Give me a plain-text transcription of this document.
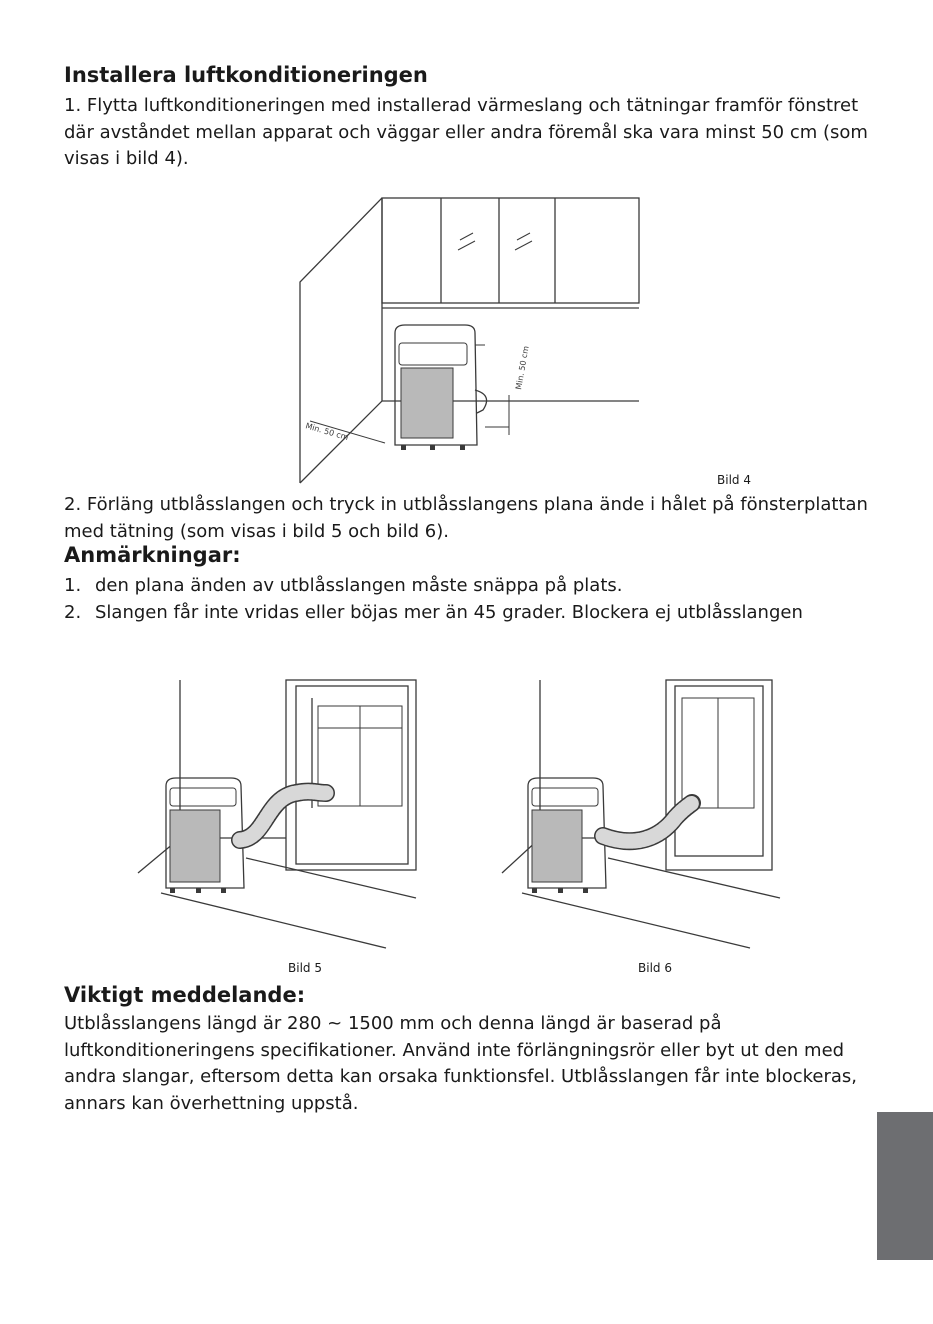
Installera luftkonditioneringen

1. Flytta luftkonditioneringen med installerad värmeslang och tätningar framför fönstret där avståndet mellan apparat och väggar eller andra föremål ska vara minst 50 cm (som visas i bild 4).

Min. 50 cm
Min. 50 cm
Bild 4

2. Förläng utblåsslangen och tryck in utblåsslangens plana ände i hålet på fönsterplattan med tätning (som visas i bild 5 och bild 6).

Anmärkningar:
1. den plana änden av utblåsslangen måste snäppa på plats.
2. Slangen får inte vridas eller böjas mer än 45 grader. Blockera ej utblåsslangen
Bild 5	Bild 6
Viktigt meddelande:

Utblåsslangens längd är 280 ~ 1500 mm och denna längd är baserad på luftkonditioneringens specifikationer. Använd inte förlängningsrör eller byt ut den med andra slangar, eftersom detta kan orsaka funktionsfel. Utblåsslangen får inte blockeras, annars kan överhettning uppstå.
